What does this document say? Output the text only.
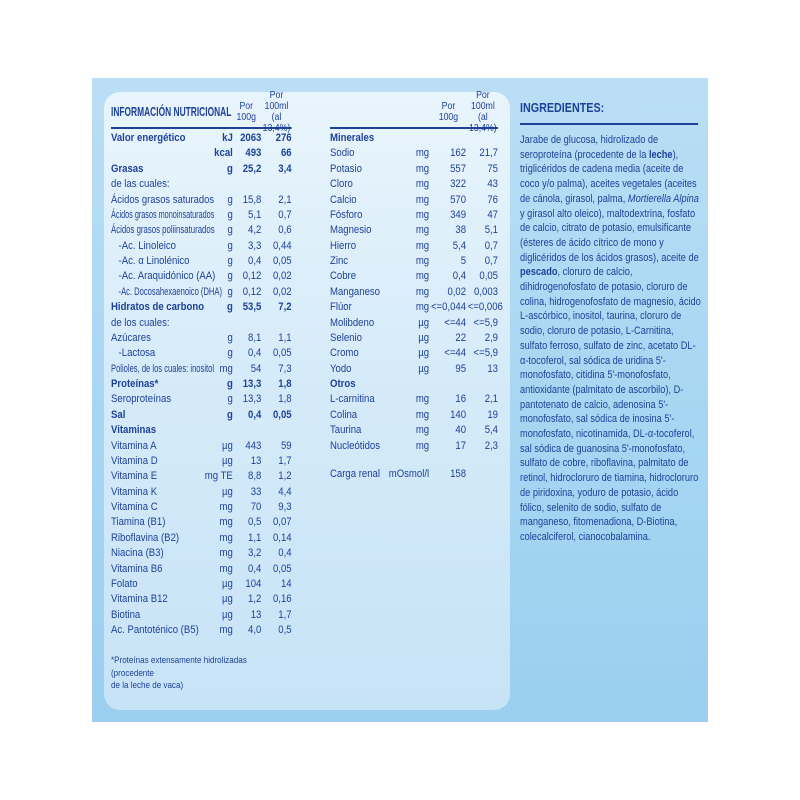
INFORMACIÓN NUTRICIONAL Por
100g
Por 100ml
(al 13,4%)
Valor energético	kJ 2063	276
kcal	493	66
Grasas	g 25,2	3,4
de las cuales:
Ácidos grasos saturados	g 15,8	2,1
Ácidos grasos monoinsaturados	g	5,1	0,7
Ácidos grasos poliinsaturados	g	4,2	0,6
-Ac. Linoleico	g	3,3	0,44
-Ac. α Linolénico	g	0,4	0,05
-Ac. Araquidónico (AA)	g 0,12	0,02
-Ac. Docosahexaenoico (DHA) g 0,12	0,02
Hidratos de carbono	g 53,5	7,2
de los cuales:
Azúcares	g	8,1	1,1
-Lactosa	g	0,4	0,05
Polioles, de los cuales: inositol mg	54	7,3
Proteínas*	g 13,3	1,8
Seroproteínas	g 13,3	1,8
Sal	g	0,4	0,05
Vitaminas
Vitamina A	µg	443	59
Vitamina D	µg	13	1,7
Vitamina E	mg TE	8,8	1,2
Vitamina K	µg	33	4,4
Vitamina C	mg	70	9,3
Tiamina (B1)	mg	0,5	0,07
Riboflavina (B2)	mg	1,1	0,14
Niacina (B3)	mg	3,2	0,4
Vitamina B6	mg	0,4	0,05
Folato	µg	104	14
Vitamina B12	µg	1,2	0,16
Biotina	µg	13	1,7
Ac. Pantoténico (B5)	mg	4,0	0,5
*Proteínas extensamente hidrolizadas (procedente
de la leche de vaca)
Por
100g
Por 100ml
(al 13,4%)
Minerales
Sodio	mg	162	21,7
Potasio	mg	557	75
Cloro	mg	322	43
Calcio	mg	570	76
Fósforo	mg	349	47
Magnesio	mg	38	5,1
Hierro	mg	5,4	0,7
Zinc	mg	5	0,7
Cobre	mg	0,4	0,05
Manganeso	mg	0,02 0,003
Flúor	mg <=0,044 <=0,006
Molibdeno	µg	<=44 <=5,9
Selenio	µg	22	2,9
Cromo	µg	<=44 <=5,9
Yodo	µg	95	13
Otros
L-carnitina	mg	16	2,1
Colina	mg	140	19
Taurina	mg	40	5,4
Nucleótidos	mg	17	2,3
Carga renal mOsmol/l	158
INGREDIENTES:
Jarabe de glucosa, hidrolizado de seroproteína (procedente de la leche), triglicéridos de cadena media (aceite de coco y/o palma), aceites vegetales (aceites de cánola, girasol, palma, Mortierella Alpina y girasol alto oleico), maltodextrina, fosfato de calcio, citrato de potasio, emulsificante (ésteres de ácido cítrico de mono y diglicéridos de los ácidos grasos), aceite de pescado, cloruro de calcio, dihidrogenofosfato de potasio, cloruro de colina, hidrogenofosfato de magnesio, ácido L-ascórbico, inositol, taurina, cloruro de sodio, cloruro de potasio, L-Carnitina, sulfato ferroso, sulfato de zinc, acetato DL-α-tocoferol, sal sódica de uridina 5'-monofosfato, citidina 5'-monofosfato, antioxidante (palmitato de ascorbilo), D-pantotenato de calcio, adenosina 5'-monofosfato, sal sódica de inosina 5'-monofosfato, nicotinamida, DL-α-tocoferol, sal sódica de guanosina 5'-monofosfato, sulfato de cobre, riboflavina, palmitato de retinol, hidrocloruro de tiamina, hidrocloruro de piridoxina, yoduro de potasio, ácido fólico, selenito de sodio, sulfato de manganeso, fitomenadiona, D-Biotina, colecalciferol, cianocobalamina.
